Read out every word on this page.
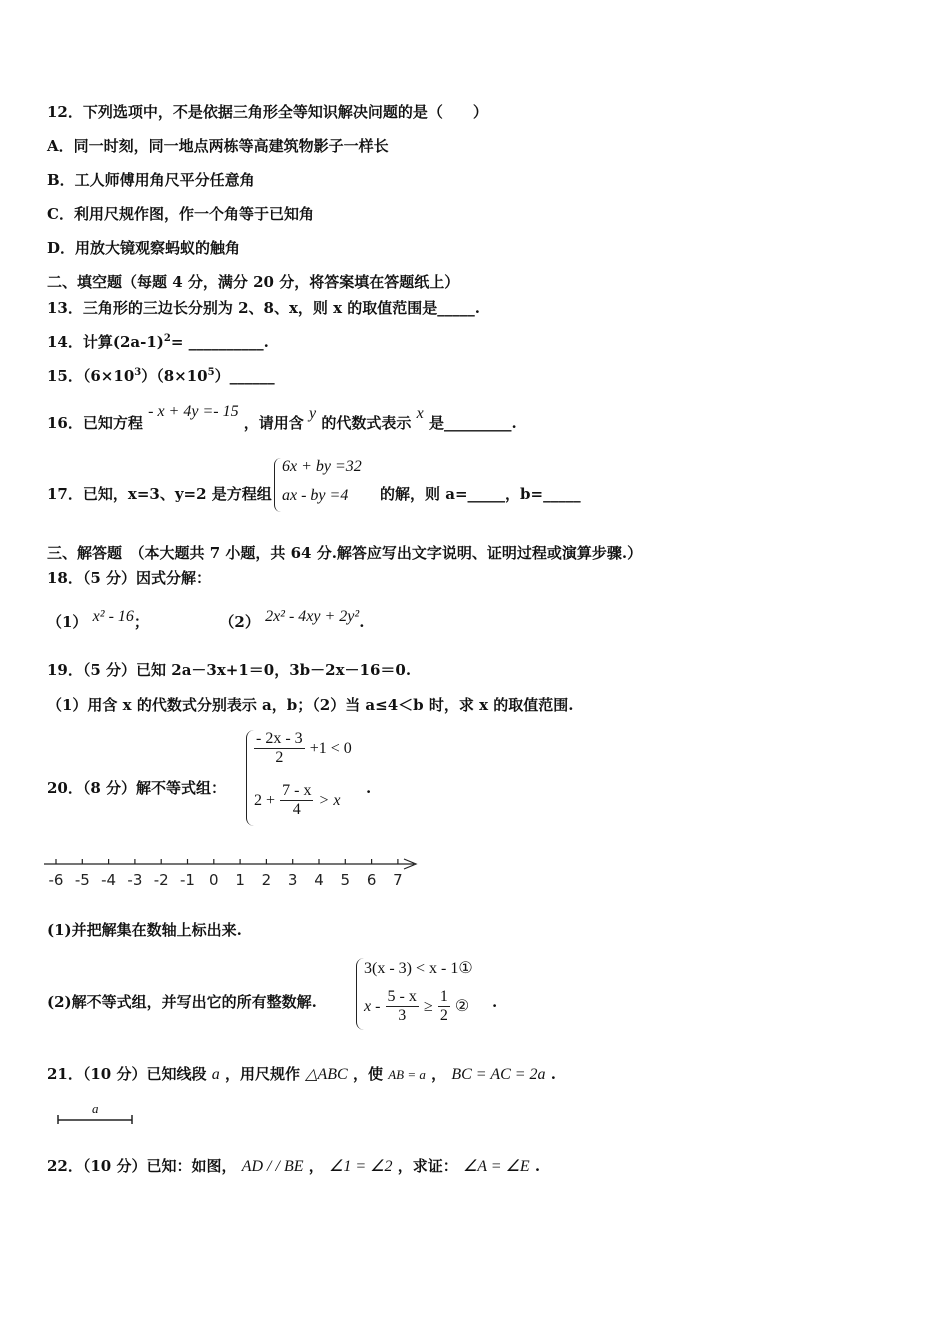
12．下列选项中，不是依据三角形全等知识解决问题的是（　　）
A．同一时刻，同一地点两栋等高建筑物影子一样长
B．工人师傅用角尺平分任意角
C．利用尺规作图，作一个角等于已知角
D．用放大镜观察蚂蚁的触角
二、填空题（每题 4 分，满分 20 分，将答案填在答题纸上）
13．三角形的三边长分别为 2、8、x，则 x 的取值范围是_____.
14．计算$(2a-1)^2=$ __________.
15．$(6\times 10^3)(8\times 10^5)\_\_\_\_\_\_$
16．已知方程 - x + 4y =- 15 ，请用含 y 的代数式表示 x 是_________.
17．已知，x=3、y=2 是方程组
6x + by =32
ax - by =4 的解，则 a=_____，b=_____
三、解答题　（本大题共 7 小题，共 64 分.解答应写出文字说明、证明过程或演算步骤.）
18．（5 分）因式分解：
（1） x² - 16；	（2） 2x² - 4xy + 2y².
19．（5 分）已知 2a－3x+1＝0，3b－2x－16＝0.
（1）用含 x 的代数式分别表示 a，b；（2）当 a≤4＜b 时，求 x 的取值范围.
20．（8 分）解不等式组：
$\frac{- 2x - 3}{2} +1 < 0$
$2 + \frac{7 - x}{4} > x$
.
-6 -5 -4 -3 -2 -1 0 1 2 3 4 5 6 7
(1)并把解集在数轴上标出来.
(2)解不等式组，并写出它的所有整数解.
3(x - 3) < x - 1①
$x - \frac{5 - x}{3} \ge \frac{1}{2}$ ② .
21．（10 分）已知线段 a ，用尺规作 △ABC ，使 AB = a ， BC = AC = 2a .
a
22．（10 分）已知：如图， AD / / BE ， ∠1 = ∠2 ，求证： ∠A = ∠E .
